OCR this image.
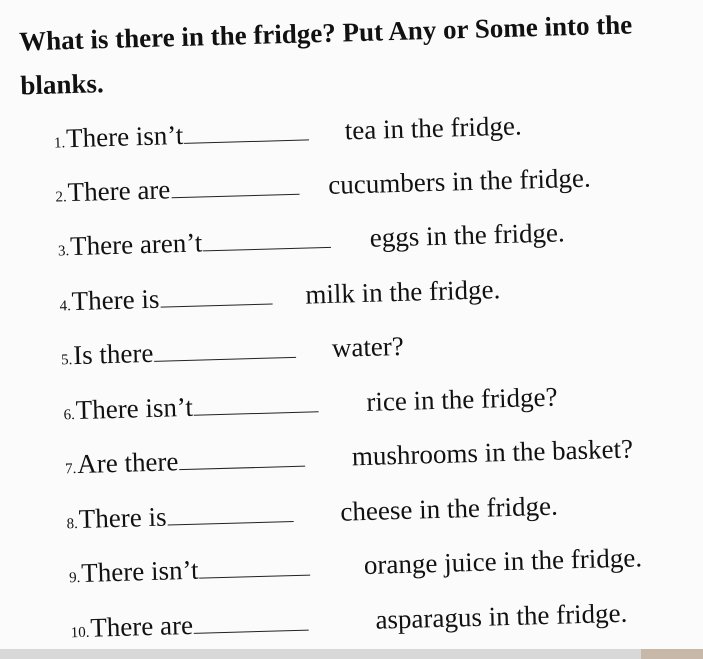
What is there in the fridge? Put Any or Some into the blanks.

1.There isn’t	tea in the fridge.
2.There are	cucumbers in the fridge.
3.There aren’t	eggs in the fridge.
4.There is	milk in the fridge.
5.Is there	water?
6.There isn’t	rice in the fridge?
7.Are there	mushrooms in the basket?
8.There is	cheese in the fridge.
9.There isn’t	orange juice in the fridge.
10.There are	asparagus in the fridge.
